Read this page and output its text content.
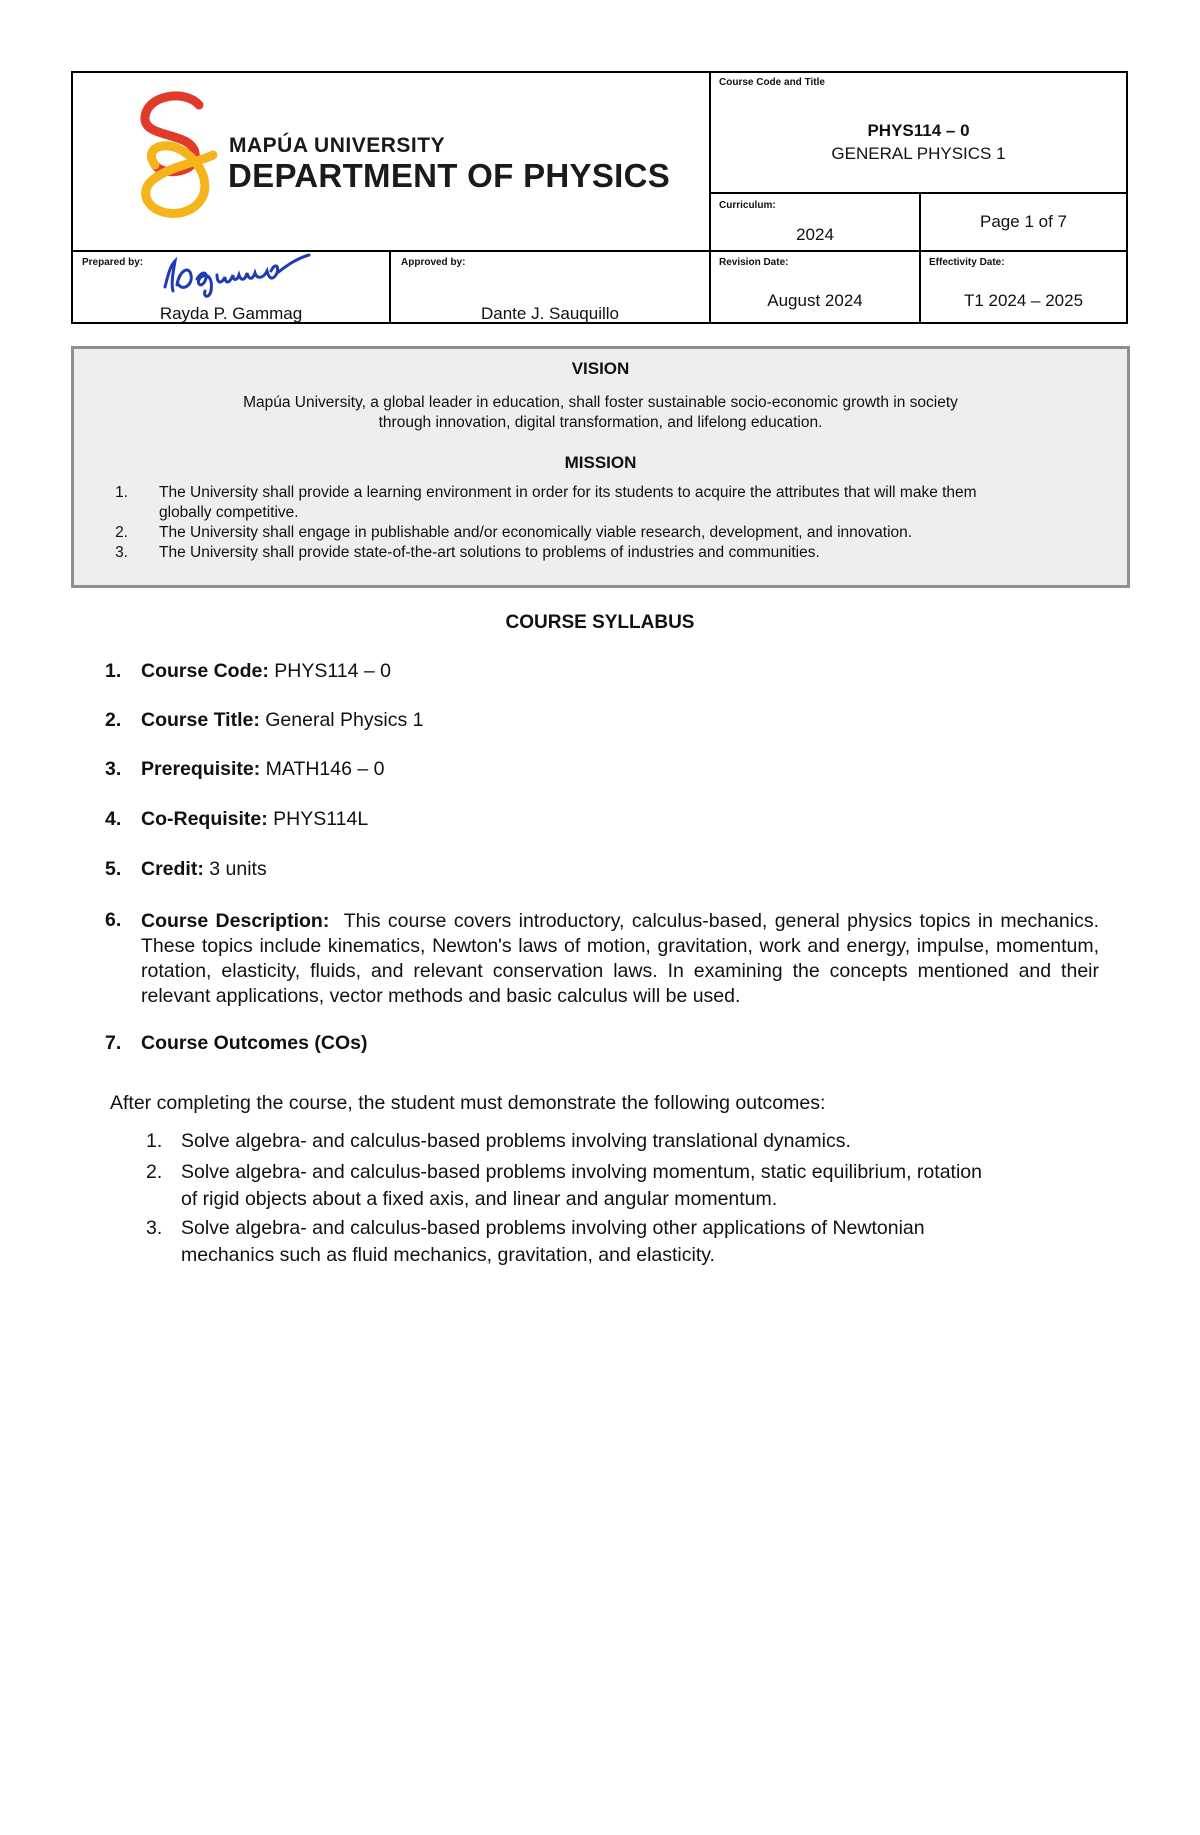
MAPÚA UNIVERSITY
DEPARTMENT OF PHYSICS
Course Code and Title
PHYS114 – 0
GENERAL PHYSICS 1
Curriculum:
2024
Page 1 of 7
Prepared by:
Rayda P. Gammag
Approved by:
Dante J. Sauquillo
Revision Date:
August 2024
Effectivity Date:
T1 2024 – 2025
VISION
Mapúa University, a global leader in education, shall foster sustainable socio-economic growth in society
through innovation, digital transformation, and lifelong education.
MISSION
1. The University shall provide a learning environment in order for its students to acquire the attributes that will make them
globally competitive.
2. The University shall engage in publishable and/or economically viable research, development, and innovation.
3. The University shall provide state-of-the-art solutions to problems of industries and communities.
COURSE SYLLABUS
1. Course Code: PHYS114 – 0
2. Course Title: General Physics 1
3. Prerequisite: MATH146 – 0
4. Co-Requisite: PHYS114L
5. Credit: 3 units
6. Course Description: This course covers introductory, calculus-based, general physics topics in mechanics. These topics include kinematics, Newton's laws of motion, gravitation, work and energy, impulse, momentum, rotation, elasticity, fluids, and relevant conservation laws. In examining the concepts mentioned and their relevant applications, vector methods and basic calculus will be used.
7. Course Outcomes (COs)
After completing the course, the student must demonstrate the following outcomes:
1. Solve algebra- and calculus-based problems involving translational dynamics.
2. Solve algebra- and calculus-based problems involving momentum, static equilibrium, rotation
of rigid objects about a fixed axis, and linear and angular momentum.
3. Solve algebra- and calculus-based problems involving other applications of Newtonian
mechanics such as fluid mechanics, gravitation, and elasticity.
